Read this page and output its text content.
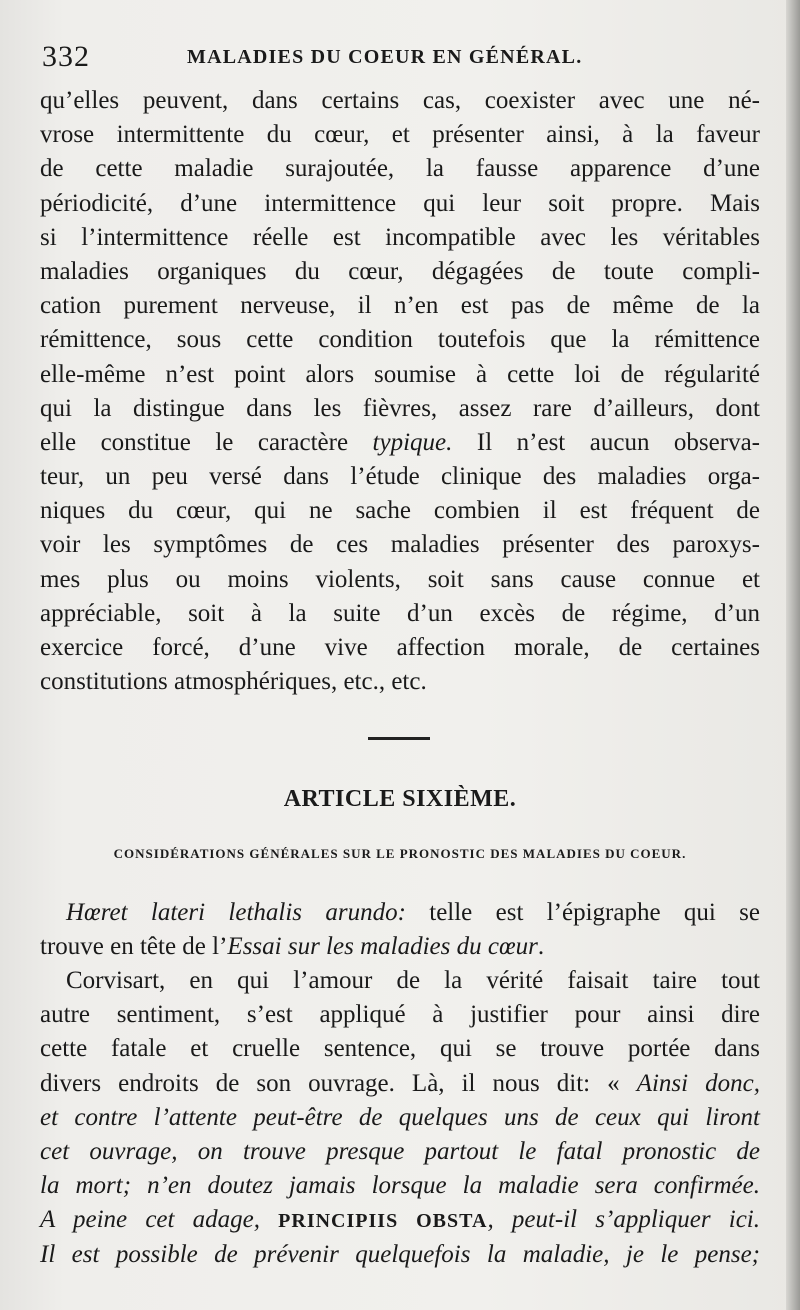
332	MALADIES DU COEUR EN GÉNÉRAL.
qu’elles peuvent, dans certains cas, coexister avec une né-
vrose intermittente du cœur, et présenter ainsi, à la faveur
de cette maladie surajoutée, la fausse apparence d’une
périodicité, d’une intermittence qui leur soit propre. Mais
si l’intermittence réelle est incompatible avec les véritables
maladies organiques du cœur, dégagées de toute compli-
cation purement nerveuse, il n’en est pas de même de la
rémittence, sous cette condition toutefois que la rémittence
elle-même n’est point alors soumise à cette loi de régularité
qui la distingue dans les fièvres, assez rare d’ailleurs, dont
elle constitue le caractère typique. Il n’est aucun observa-
teur, un peu versé dans l’étude clinique des maladies orga-
niques du cœur, qui ne sache combien il est fréquent de
voir les symptômes de ces maladies présenter des paroxys-
mes plus ou moins violents, soit sans cause connue et
appréciable, soit à la suite d’un excès de régime, d’un
exercice forcé, d’une vive affection morale, de certaines
constitutions atmosphériques, etc., etc.
ARTICLE SIXIÈME.
CONSIDÉRATIONS GÉNÉRALES SUR LE PRONOSTIC DES MALADIES DU COEUR.
Hœret lateri lethalis arundo: telle est l’épigraphe qui se
trouve en tête de l’Essai sur les maladies du cœur.
Corvisart, en qui l’amour de la vérité faisait taire tout
autre sentiment, s’est appliqué à justifier pour ainsi dire
cette fatale et cruelle sentence, qui se trouve portée dans
divers endroits de son ouvrage. Là, il nous dit: « Ainsi donc,
et contre l’attente peut-être de quelques uns de ceux qui liront
cet ouvrage, on trouve presque partout le fatal pronostic de
la mort; n’en doutez jamais lorsque la maladie sera confirmée.
A peine cet adage, PRINCIPIIS OBSTA, peut-il s’appliquer ici.
Il est possible de prévenir quelquefois la maladie, je le pense;
